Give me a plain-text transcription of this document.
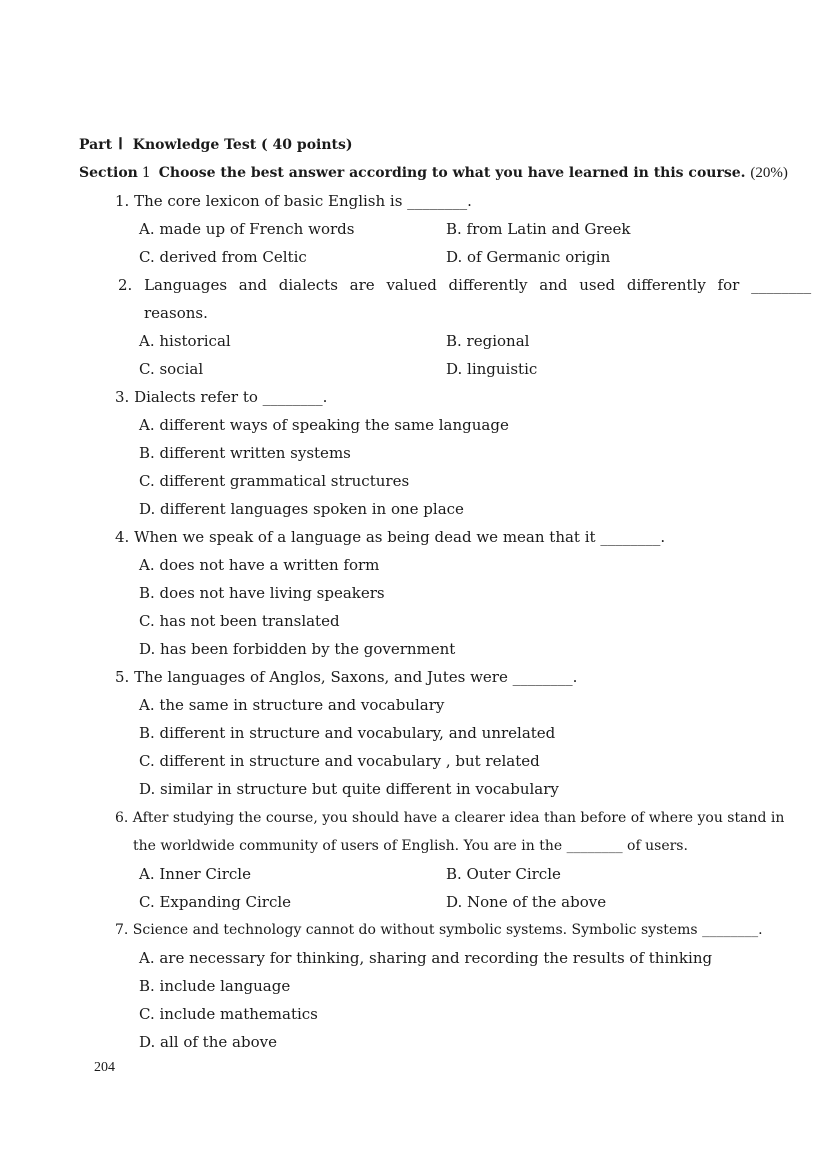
Part Ⅰ Knowledge Test ( 40 points)
Section 1 Choose the best answer according to what you have learned in this course. (20%)
1. The core lexicon of basic English is ________.
A. made up of French words	B. from Latin and Greek
C. derived from Celtic	D. of Germanic origin
2. Languages and dialects are valued differently and used differently for ________
reasons.
A. historical	B. regional
C. social	D. linguistic
3. Dialects refer to ________.
A. different ways of speaking the same language
B. different written systems
C. different grammatical structures
D. different languages spoken in one place
4. When we speak of a language as being dead we mean that it ________.
A. does not have a written form
B. does not have living speakers
C. has not been translated
D. has been forbidden by the government
5. The languages of Anglos, Saxons, and Jutes were ________.
A. the same in structure and vocabulary
B. different in structure and vocabulary, and unrelated
C. different in structure and vocabulary , but related
D. similar in structure but quite different in vocabulary
6. After studying the course, you should have a clearer idea than before of where you stand in
the worldwide community of users of English. You are in the ________ of users.
A. Inner Circle	B. Outer Circle
C. Expanding Circle	D. None of the above
7. Science and technology cannot do without symbolic systems. Symbolic systems ________.
A. are necessary for thinking, sharing and recording the results of thinking
B. include language
C. include mathematics
D. all of the above
204
